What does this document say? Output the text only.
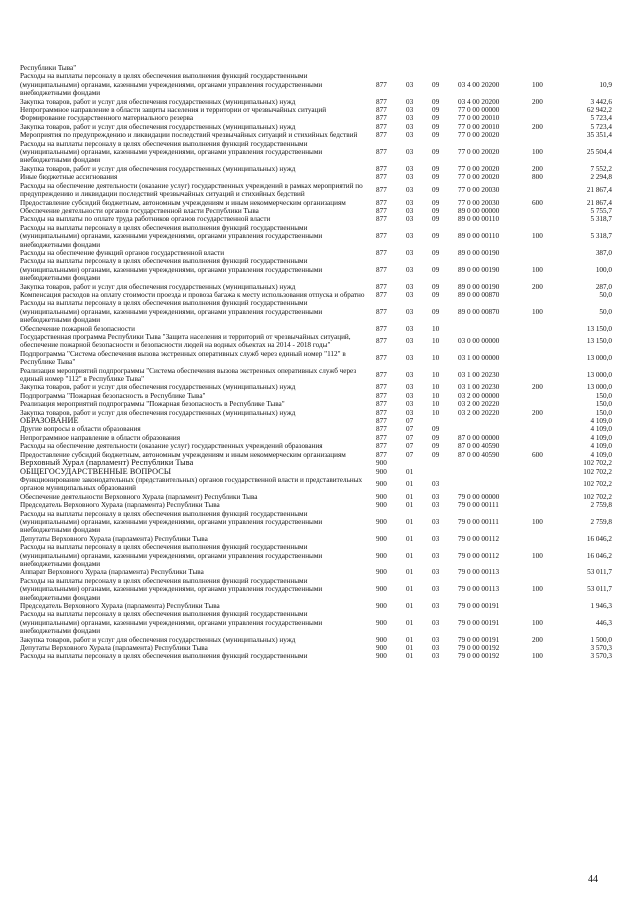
Республики Тыва"						
Расходы на выплаты персоналу в целях обеспечения выполнения функций государственными (муниципальными) органами, казенными учреждениями, органами управления государственными внебюджетными фондами	877	03	09	03 4 00 20200	100	10,9
Закупка товаров, работ и услуг для обеспечения государственных (муниципальных) нужд	877	03	09	03 4 00 20200	200	3 442,6
Непрограммное направление в области защиты населения и территории от чрезвычайных ситуаций	877	03	09	77 0 00 00000		62 942,2
Формирование государственного материального резерва	877	03	09	77 0 00 20010		5 723,4
Закупка товаров, работ и услуг для обеспечения государственных (муниципальных) нужд	877	03	09	77 0 00 20010	200	5 723,4
Мероприятия по предупреждению и ликвидации последствий чрезвычайных ситуаций и стихийных бедствий	877	03	09	77 0 00 20020		35 351,4
Расходы на выплаты персоналу в целях обеспечения выполнения функций государственными (муниципальными) органами, казенными учреждениями, органами управления государственными внебюджетными фондами	877	03	09	77 0 00 20020	100	25 504,4
Закупка товаров, работ и услуг для обеспечения государственных (муниципальных) нужд	877	03	09	77 0 00 20020	200	7 552,2
Иные бюджетные ассигнования	877	03	09	77 0 00 20020	800	2 294,8
Расходы на обеспечение деятельности (оказание услуг) государственных учреждений в рамках мероприятий по предупреждению и ликвидации последствий чрезвычайных ситуаций и стихийных бедствий	877	03	09	77 0 00 20030		21 867,4
Предоставление субсидий бюджетным, автономным учреждениям и иным некоммерческим организациям	877	03	09	77 0 00 20030	600	21 867,4
Обеспечение деятельности органов государственной власти Республики Тыва	877	03	09	89 0 00 00000		5 755,7
Расходы на выплаты по оплате труда работников органов государственной власти	877	03	09	89 0 00 00110		5 318,7
Расходы на выплаты персоналу в целях обеспечения выполнения функций государственными (муниципальными) органами, казенными учреждениями, органами управления государственными внебюджетными фондами	877	03	09	89 0 00 00110	100	5 318,7
Расходы на обеспечение функций органов государственной власти	877	03	09	89 0 00 00190		387,0
Расходы на выплаты персоналу в целях обеспечения выполнения функций государственными (муниципальными) органами, казенными учреждениями, органами управления государственными внебюджетными фондами	877	03	09	89 0 00 00190	100	100,0
Закупка товаров, работ и услуг для обеспечения государственных (муниципальных) нужд	877	03	09	89 0 00 00190	200	287,0
Компенсация расходов на оплату стоимости проезда и провоза багажа к месту использования отпуска и обратно	877	03	09	89 0 00 00870		50,0
Расходы на выплаты персоналу в целях обеспечения выполнения функций государственными (муниципальными) органами, казенными учреждениями, органами управления государственными внебюджетными фондами	877	03	09	89 0 00 00870	100	50,0
Обеспечение пожарной безопасности	877	03	10			13 150,0
Государственная программа Республики Тыва "Защита населения и территорий от чрезвычайных ситуаций, обеспечение пожарной безопасности и безопасности людей на водных объектах на 2014 - 2018 годы"	877	03	10	03 0 00 00000		13 150,0
Подпрограмма "Система обеспечения вызова экстренных оперативных служб через единый номер "112" в Республике Тыва"	877	03	10	03 1 00 00000		13 000,0
Реализация мероприятий подпрограммы "Система обеспечения вызова экстренных оперативных служб через единый номер "112" в Республике Тыва"	877	03	10	03 1 00 20230		13 000,0
Закупка товаров, работ и услуг для обеспечения государственных (муниципальных) нужд	877	03	10	03 1 00 20230	200	13 000,0
Подпрограмма "Пожарная безопасность в Республике Тыва"	877	03	10	03 2 00 00000		150,0
Реализация мероприятий подпрограммы "Пожарная безопасность в Республике Тыва"	877	03	10	03 2 00 20220		150,0
Закупка товаров, работ и услуг для обеспечения государственных (муниципальных) нужд	877	03	10	03 2 00 20220	200	150,0
ОБРАЗОВАНИЕ	877	07				4 109,0
Другие вопросы в области образования	877	07	09			4 109,0
Непрограммное направление в области образования	877	07	09	87 0 00 00000		4 109,0
Расходы на обеспечение деятельности (оказание услуг) государственных учреждений образования	877	07	09	87 0 00 40590		4 109,0
Предоставление субсидий бюджетным, автономным учреждениям и иным некоммерческим организациям	877	07	09	87 0 00 40590	600	4 109,0
Верховный Хурал (парламент) Республики Тыва	900					102 702,2
ОБЩЕГОСУДАРСТВЕННЫЕ ВОПРОСЫ	900	01				102 702,2
Функционирование законодательных (представительных) органов государственной власти и представительных органов муниципальных образований	900	01	03			102 702,2
Обеспечение деятельности Верховного Хурала (парламент) Республики Тыва	900	01	03	79 0 00 00000		102 702,2
Председатель Верховного Хурала (парламента) Республики Тыва	900	01	03	79 0 00 00111		2 759,8
Расходы на выплаты персоналу в целях обеспечения выполнения функций государственными (муниципальными) органами, казенными учреждениями, органами управления государственными внебюджетными фондами	900	01	03	79 0 00 00111	100	2 759,8
Депутаты Верховного Хурала (парламента) Республики Тыва	900	01	03	79 0 00 00112		16 046,2
Расходы на выплаты персоналу в целях обеспечения выполнения функций государственными (муниципальными) органами, казенными учреждениями, органами управления государственными внебюджетными фондами	900	01	03	79 0 00 00112	100	16 046,2
Аппарат Верховного Хурала (парламента) Республики Тыва	900	01	03	79 0 00 00113		53 011,7
Расходы на выплаты персоналу в целях обеспечения выполнения функций государственными (муниципальными) органами, казенными учреждениями, органами управления государственными внебюджетными фондами	900	01	03	79 0 00 00113	100	53 011,7
Председатель Верховного Хурала (парламента) Республики Тыва	900	01	03	79 0 00 00191		1 946,3
Расходы на выплаты персоналу в целях обеспечения выполнения функций государственными (муниципальными) органами, казенными учреждениями, органами управления государственными внебюджетными фондами	900	01	03	79 0 00 00191	100	446,3
Закупка товаров, работ и услуг для обеспечения государственных (муниципальных) нужд	900	01	03	79 0 00 00191	200	1 500,0
Депутаты Верховного Хурала (парламента) Республики Тыва	900	01	03	79 0 00 00192		3 570,3
Расходы на выплаты персоналу в целях обеспечения выполнения функций государственными	900	01	03	79 0 00 00192	100	3 570,3
44
